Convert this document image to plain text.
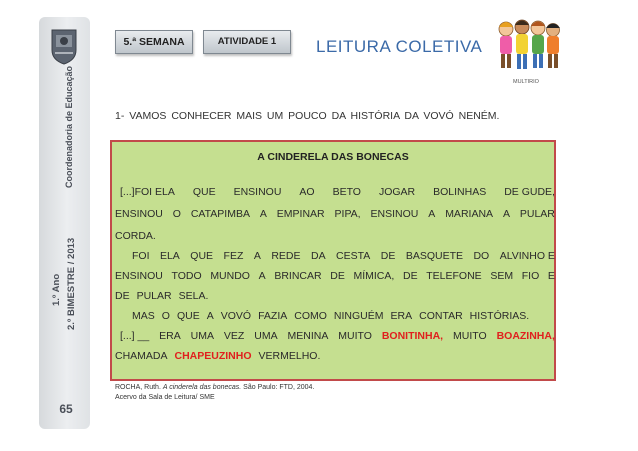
Coordenadoria de Educação
2.º BIMESTRE / 2013
1.º Ano
65
5.ª SEMANA	ATIVIDADE 1	LEITURA COLETIVA
MULTIRIO
1- VAMOS CONHECER MAIS UM POUCO DA HISTÓRIA DA VOVÓ NENÉM.
A CINDERELA DAS BONECAS
[...]FOI ELA QUE ENSINOU AO BETO JOGAR BOLINHAS DE GUDE,
ENSINOU O CATAPIMBA A EMPINAR PIPA, ENSINOU A MARIANA A PULAR
CORDA.
FOI ELA QUE FEZ A REDE DA CESTA DE BASQUETE DO ALVINHO E
ENSINOU TODO MUNDO A BRINCAR DE MÍMICA, DE TELEFONE SEM FIO E
DE PULAR SELA.
MAS O QUE A VOVÓ FAZIA COMO NINGUÉM ERA CONTAR HISTÓRIAS.
[...] __ ERA UMA VEZ UMA MENINA MUITO BONITINHA, MUITO BOAZINHA,
CHAMADA CHAPEUZINHO VERMELHO.
ROCHA, Ruth. A cinderela das bonecas. São Paulo: FTD, 2004.
Acervo da Sala de Leitura/ SME
